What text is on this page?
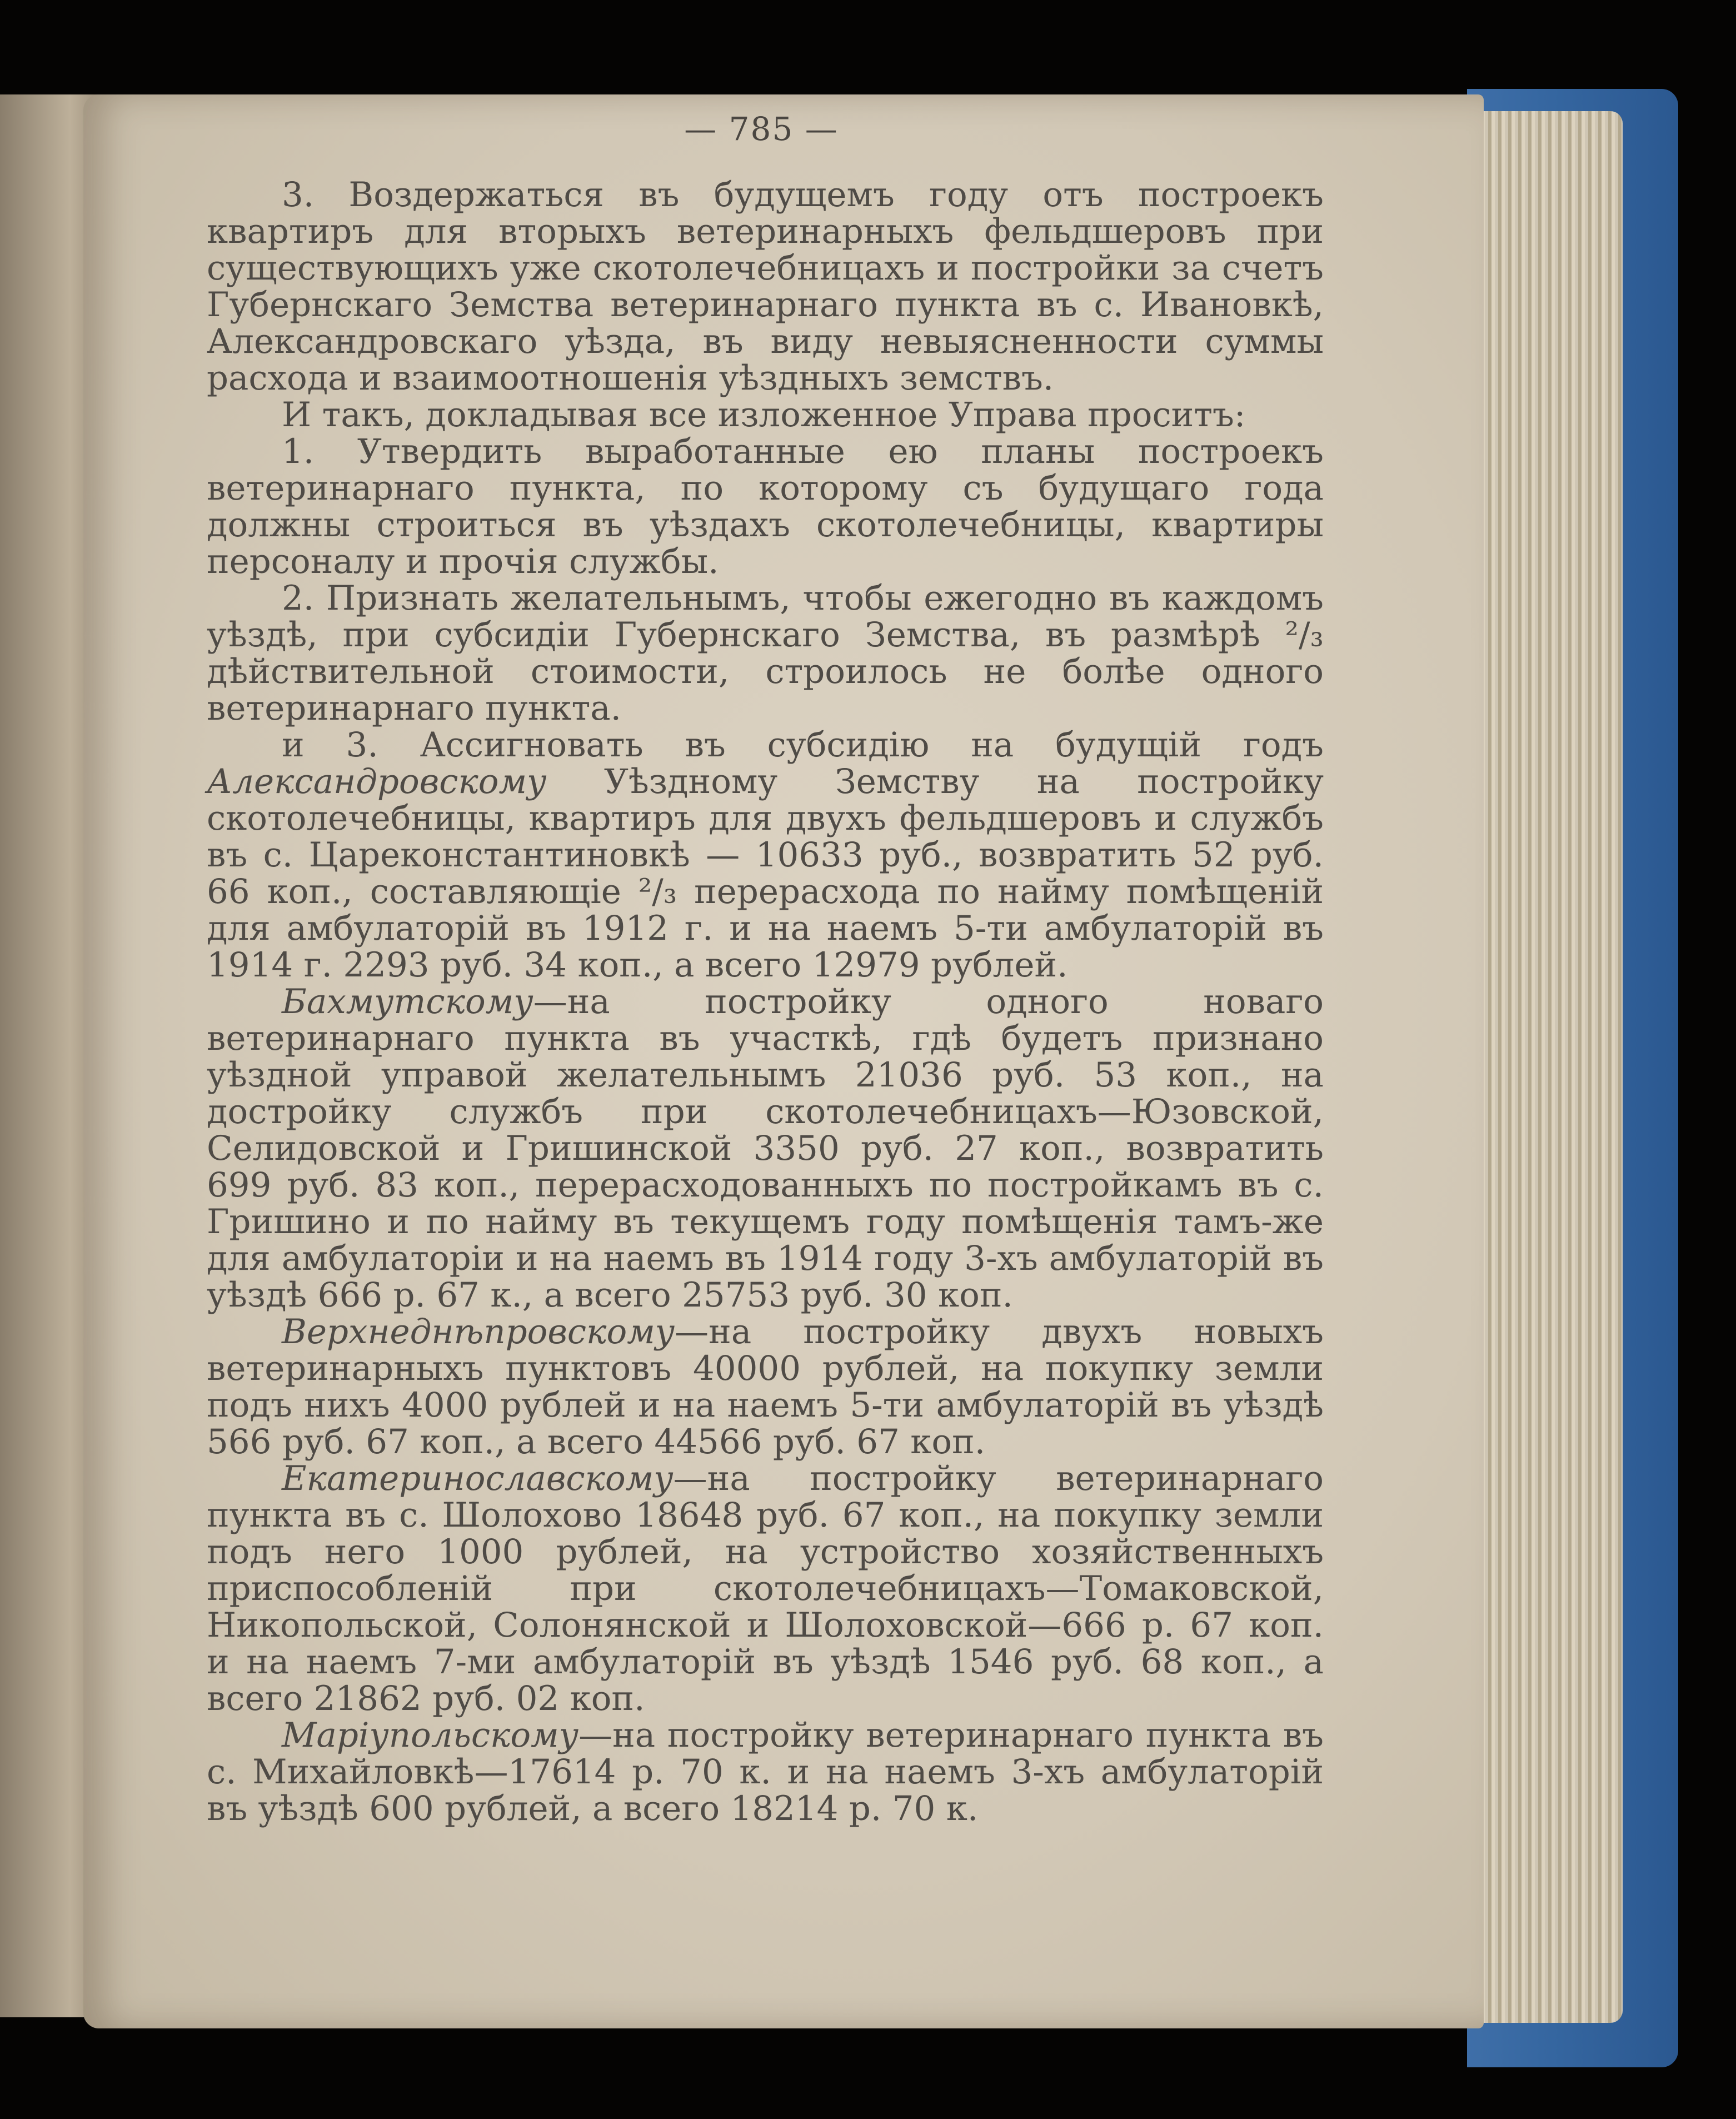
— 785 —

3. Воздержаться въ будущемъ году отъ построекъ квартиръ для вторыхъ ветеринарныхъ фельдшеровъ при существующихъ уже скотолечебницахъ и постройки за счетъ Губернскаго Земства ветеринарнаго пункта въ с. Ивановкѣ, Александровскаго уѣзда, въ виду невыясненности суммы расхода и взаимоотношенія уѣздныхъ земствъ.

И такъ, докладывая все изложенное Управа проситъ:

1. Утвердить выработанные ею планы построекъ ветеринарнаго пункта, по которому съ будущаго года должны строиться въ уѣздахъ скотолечебницы, квартиры персоналу и прочія службы.

2. Признать желательнымъ, чтобы ежегодно въ каждомъ уѣздѣ, при субсидіи Губернскаго Земства, въ размѣрѣ ²/₃ дѣйствительной стоимости, строилось не болѣе одного ветеринарнаго пункта.

и 3. Ассигновать въ субсидію на будущій годъ Александровскому Уѣздному Земству на постройку скотолечебницы, квартиръ для двухъ фельдшеровъ и службъ въ с. Цареконстантиновкѣ — 10633 руб., возвратить 52 руб. 66 коп., составляющіе ²/₃ перерасхода по найму помѣщеній для амбулаторій въ 1912 г. и на наемъ 5-ти амбулаторій въ 1914 г. 2293 руб. 34 коп., а всего 12979 рублей.

Бахмутскому—на постройку одного новаго ветеринарнаго пункта въ участкѣ, гдѣ будетъ признано уѣздной управой желательнымъ 21036 руб. 53 коп., на достройку службъ при скотолечебницахъ—Юзовской, Селидовской и Гришинской 3350 руб. 27 коп., возвратить 699 руб. 83 коп., перерасходованныхъ по постройкамъ въ с. Гришино и по найму въ текущемъ году помѣщенія тамъ-же для амбулаторіи и на наемъ въ 1914 году 3-хъ амбулаторій въ уѣздѣ 666 р. 67 к., а всего 25753 руб. 30 коп.

Верхнеднѣпровскому—на постройку двухъ новыхъ ветеринарныхъ пунктовъ 40000 рублей, на покупку земли подъ нихъ 4000 рублей и на наемъ 5-ти амбулаторій въ уѣздѣ 566 руб. 67 коп., а всего 44566 руб. 67 коп.

Екатеринославскому—на постройку ветеринарнаго пункта въ с. Шолохово 18648 руб. 67 коп., на покупку земли подъ него 1000 рублей, на устройство хозяйственныхъ приспособленій при скотолечебницахъ—Томаковской, Никопольской, Солонянской и Шолоховской—666 р. 67 коп. и на наемъ 7-ми амбулаторій въ уѣздѣ 1546 руб. 68 коп., а всего 21862 руб. 02 коп.

Маріупольскому—на постройку ветеринарнаго пункта въ с. Михайловкѣ—17614 р. 70 к. и на наемъ 3-хъ амбулаторій въ уѣздѣ 600 рублей, а всего 18214 р. 70 к.
